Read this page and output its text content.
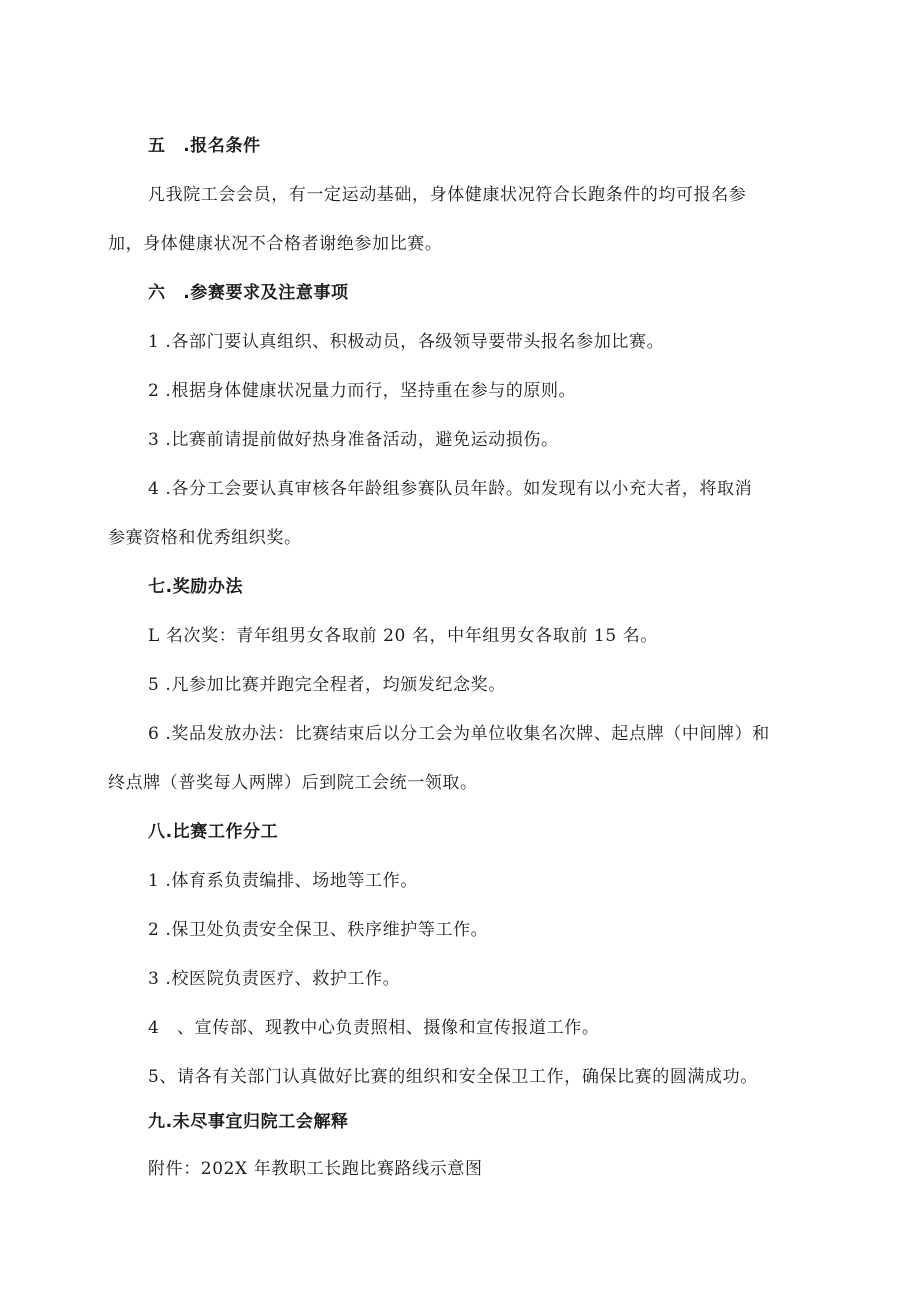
五　.报名条件
凡我院工会会员，有一定运动基础，身体健康状况符合长跑条件的均可报名参
加，身体健康状况不合格者谢绝参加比赛。
六　.参赛要求及注意事项
1 .各部门要认真组织、积极动员，各级领导要带头报名参加比赛。
2 .根据身体健康状况量力而行，坚持重在参与的原则。
3 .比赛前请提前做好热身准备活动，避免运动损伤。
4 .各分工会要认真审核各年龄组参赛队员年龄。如发现有以小充大者，将取消
参赛资格和优秀组织奖。
七.奖励办法
L 名次奖：青年组男女各取前 20 名，中年组男女各取前 15 名。
5 .凡参加比赛并跑完全程者，均颁发纪念奖。
6 .奖品发放办法：比赛结束后以分工会为单位收集名次牌、起点牌（中间牌）和
终点牌（普奖每人两牌）后到院工会统一领取。
八.比赛工作分工
1 .体育系负责编排、场地等工作。
2 .保卫处负责安全保卫、秩序维护等工作。
3 .校医院负责医疗、救护工作。
4　、宣传部、现教中心负责照相、摄像和宣传报道工作。
5、请各有关部门认真做好比赛的组织和安全保卫工作，确保比赛的圆满成功。
九.未尽事宜归院工会解释
附件：202X 年教职工长跑比赛路线示意图
